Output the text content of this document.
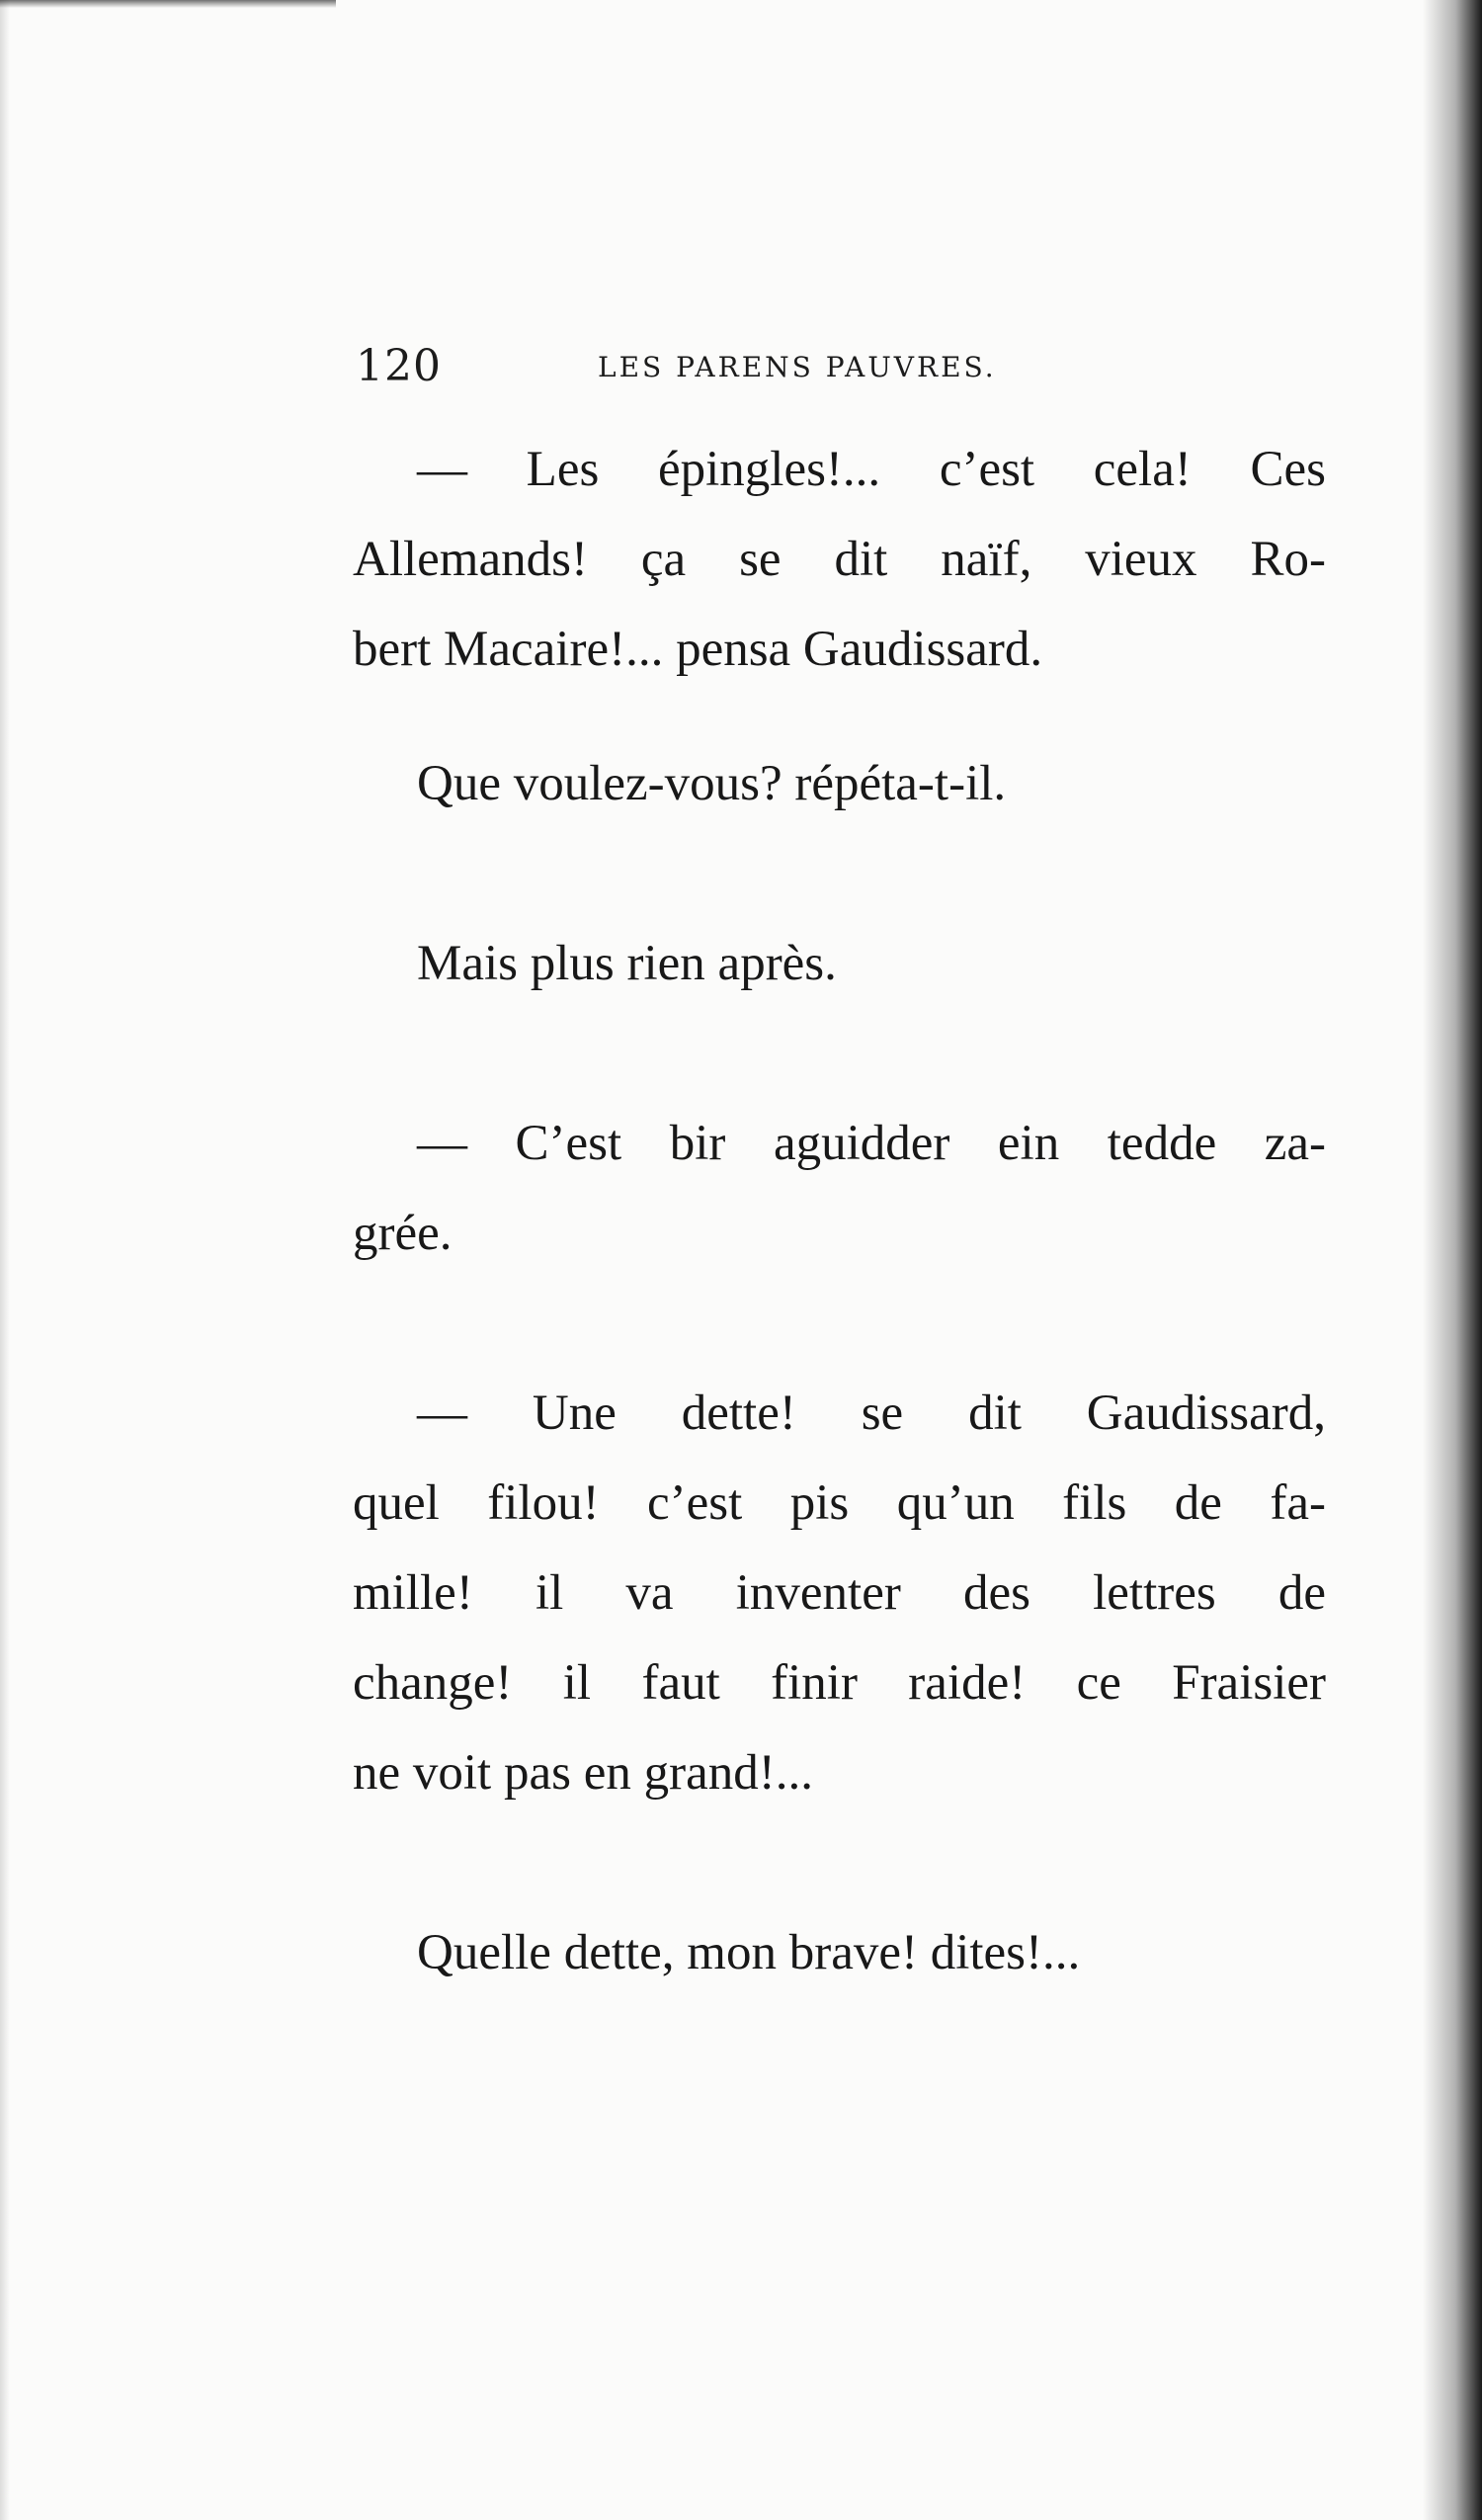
120	LES PARENS PAUVRES.
— Les épingles!... c’est cela! Ces
Allemands! ça se dit naïf, vieux Ro-
bert Macaire!... pensa Gaudissard.
Que voulez-vous? répéta-t-il.
Mais plus rien après.
— C’est bir aguidder ein tedde za-
grée.
— Une dette! se dit Gaudissard,
quel filou! c’est pis qu’un fils de fa-
mille! il va inventer des lettres de
change! il faut finir raide! ce Fraisier
ne voit pas en grand!...
Quelle dette, mon brave! dites!...
